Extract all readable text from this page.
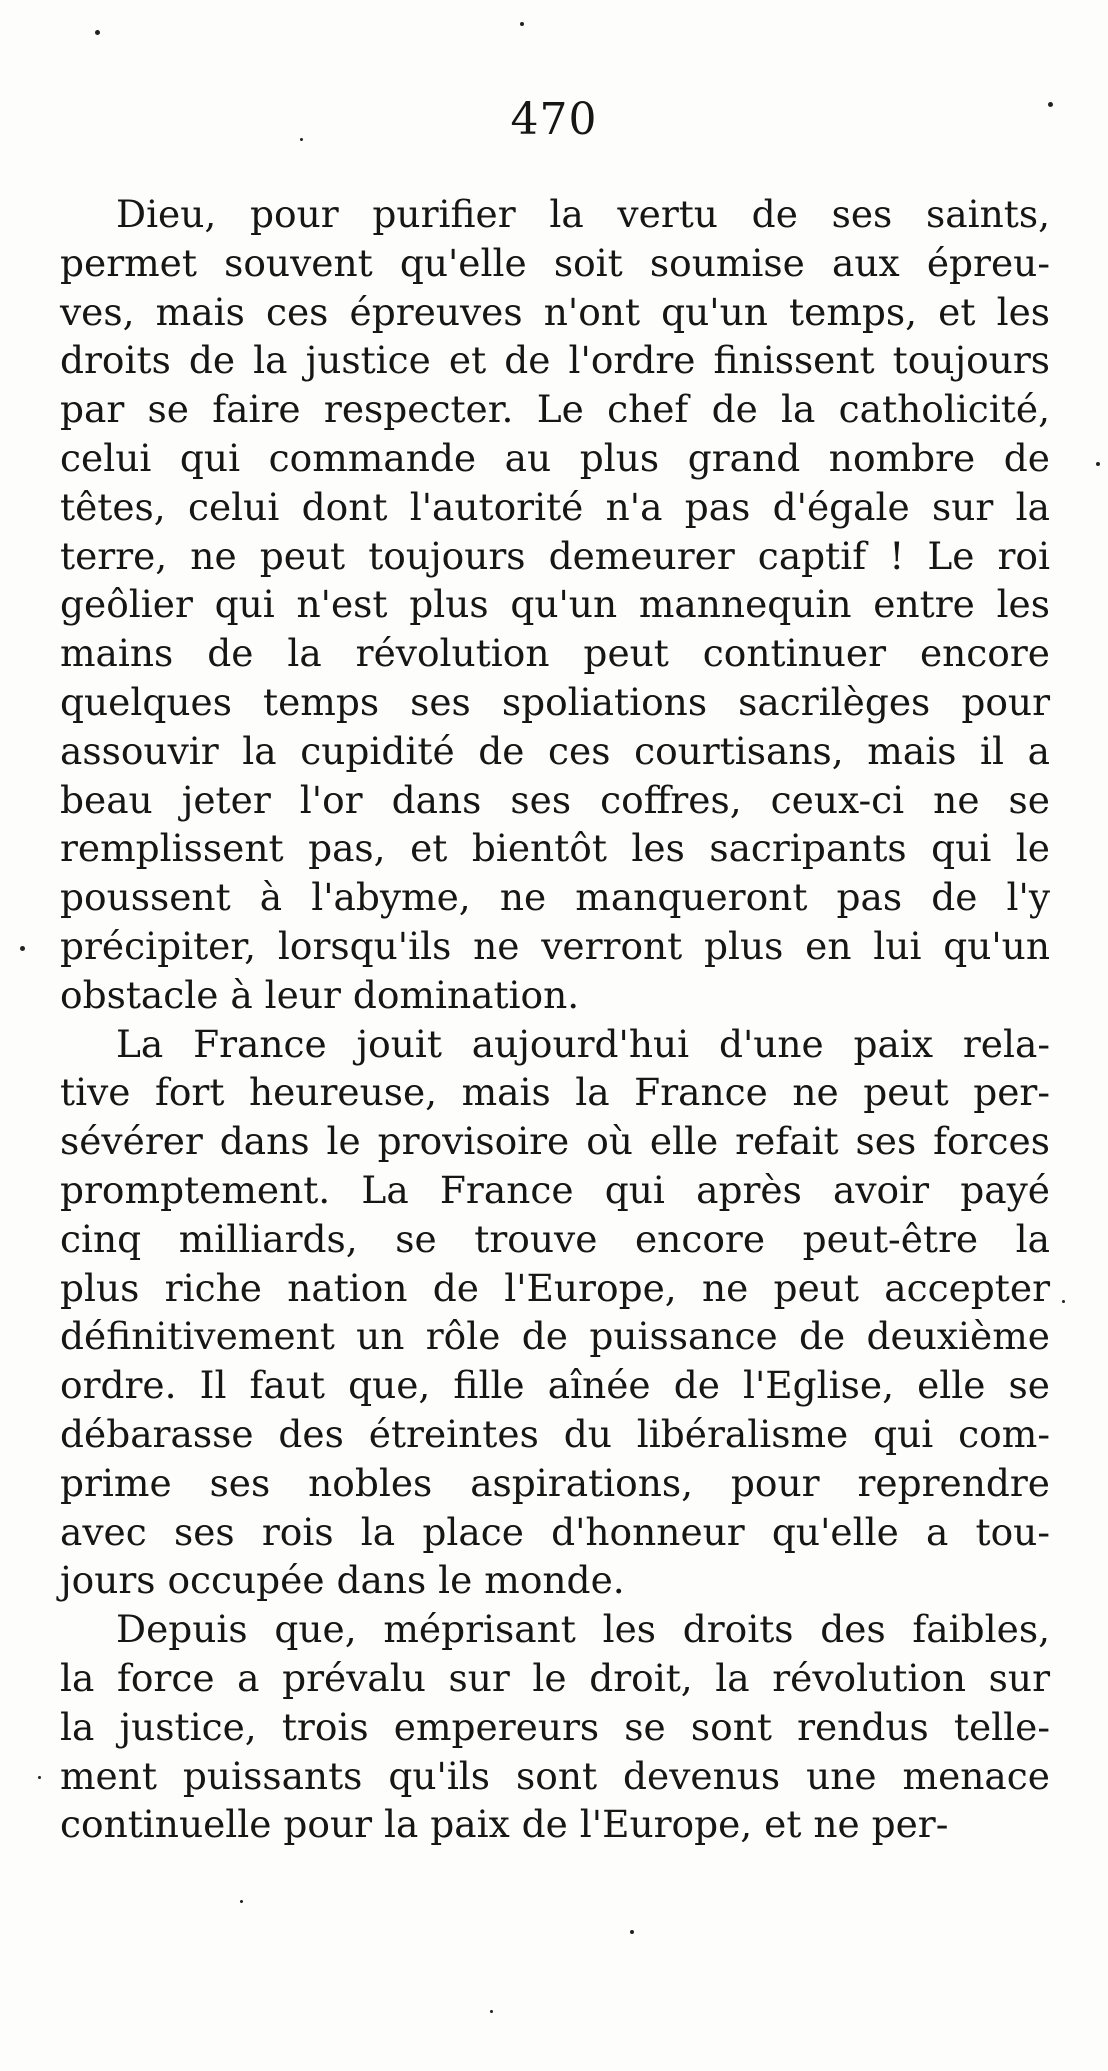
470
Dieu, pour purifier la vertu de ses saints,
permet souvent qu'elle soit soumise aux épreu-
ves, mais ces épreuves n'ont qu'un temps, et les
droits de la justice et de l'ordre finissent toujours
par se faire respecter. Le chef de la catholicité,
celui qui commande au plus grand nombre de
têtes, celui dont l'autorité n'a pas d'égale sur la
terre, ne peut toujours demeurer captif ! Le roi
geôlier qui n'est plus qu'un mannequin entre les
mains de la révolution peut continuer encore
quelques temps ses spoliations sacrilèges pour
assouvir la cupidité de ces courtisans, mais il a
beau jeter l'or dans ses coffres, ceux-ci ne se
remplissent pas, et bientôt les sacripants qui le
poussent à l'abyme, ne manqueront pas de l'y
précipiter, lorsqu'ils ne verront plus en lui qu'un
obstacle à leur domination.
La France jouit aujourd'hui d'une paix rela-
tive fort heureuse, mais la France ne peut per-
sévérer dans le provisoire où elle refait ses forces
promptement. La France qui après avoir payé
cinq milliards, se trouve encore peut-être la
plus riche nation de l'Europe, ne peut accepter
définitivement un rôle de puissance de deuxième
ordre. Il faut que, fille aînée de l'Eglise, elle se
débarasse des étreintes du libéralisme qui com-
prime ses nobles aspirations, pour reprendre
avec ses rois la place d'honneur qu'elle a tou-
jours occupée dans le monde.
Depuis que, méprisant les droits des faibles,
la force a prévalu sur le droit, la révolution sur
la justice, trois empereurs se sont rendus telle-
ment puissants qu'ils sont devenus une menace
continuelle pour la paix de l'Europe, et ne per-
